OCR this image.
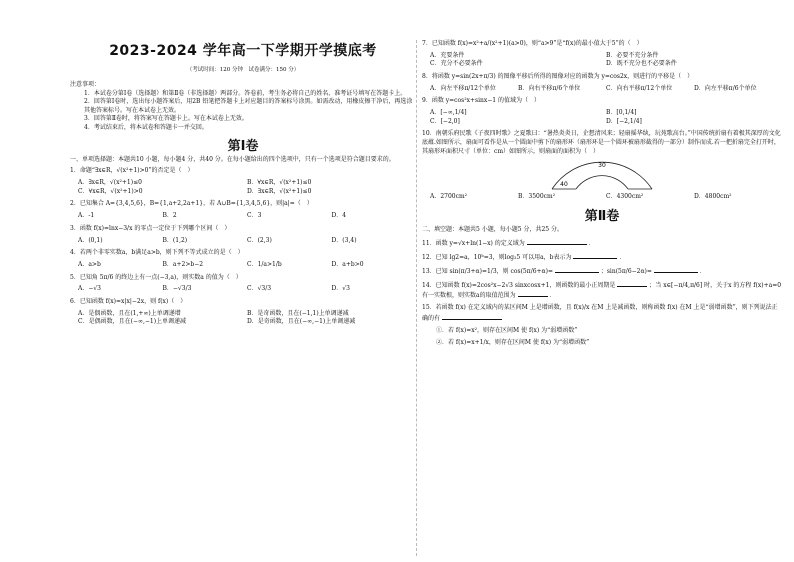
2023-2024 学年高一下学期开学摸底考
（考试时间：120 分钟　试卷满分：150 分）

注意事项：

1．本试卷分第Ⅰ卷（选择题）和第Ⅱ卷（非选择题）两部分。答卷前，考生务必将自己的姓名、准考证号填写在答题卡上。

2．回答第Ⅰ卷时，选出每小题答案后，用2B 铅笔把答题卡上对应题目的答案标号涂黑。如需改动，用橡皮擦干净后，再选涂其他答案标号。写在本试卷上无效。

3．回答第Ⅱ卷时，将答案写在答题卡上。写在本试卷上无效。

4．考试结束后，将本试卷和答题卡一并交回。

第Ⅰ卷

一、单项选择题：本题共10 小题，每小题4 分，共40 分。在每小题给出的四个选项中，只有一个选项是符合题目要求的。

1．命题“∃x∈R，√(x²+1)>0”的否定是（　）

A．∃x∈R，√(x²+1)≤0	B．∀x∈R，√(x²+1)≤0
C．∀x∈R，√(x²+1)>0	D．∃x∈R，√(x²+1)≤0

2．已知集合 A={3,4,5,6}，B={1,a+2,2a+1}，若 A∪B={1,3,4,5,6}，则|a|=（　）

A．-1	B．2	C．3	D．4

3．函数 f(x)=lnx−3/x 的零点一定位于下列哪个区间（　）

A．(0,1)	B．(1,2)	C．(2,3)	D．(3,4)

4．若两个非零实数a，b满足a>b，则下列不等式成立的是（　）

A．a>b	B．a+2>b−2	C．1/a>1/b	D．a+b>0

5．已知角 5π/6 的终边上有一点(−3,a)，则实数a 的值为（　）

A．−√3	B．−√3/3	C．√3/3	D．√3

6．已知函数 f(x)=x|x|−2x，则 f(x)（　）

A．是偶函数，且在(1,+∞)上单调递增	B．是奇函数，且在(−1,1)上单调递减
C．是偶函数，且在(−∞,−1)上单调递减	D．是奇函数，且在(−∞,−1)上单调递减

7．已知函数 f(x)=x²+a/(x²+1)(a>0)，则“a>9”是“f(x)的最小值大于5”的（　）

A．充要条件	B．必要不充分条件
C．充分不必要条件	D．既不充分也不必要条件

8．将函数 y=sin(2x+π/3) 的图像平移后所得的图像对应的函数为 y=cos2x，则进行的平移是（　）

A．向左平移π/12个单位	B．向右平移π/6个单位	C．向右平移π/12个单位	D．向左平移π/6个单位

9．函数 y=cos²x+sinx−1 的值域为（　）

A．[−∞,1/4]	B．[0,1/4]
C．[−2,0]	D．[−2,1/4]

10．南朝乐府民歌《子夜四时歌》之夏歌曰：“暑热炎炎日，企想清风来；轻扇摇华纨，玩苑歌高台。”中国传统折扇有着极其深厚的文化底蕴.如图所示，扇面可看作是从一个圆面中剪下的扇形环（扇形环是一个圆环被扇形截得的一部分）制作而成.若一把折扇完全打开时，其扇形环面积尺寸（单位：cm）如图所示，则扇面的面积为（　）

30
40
A．2700cm²	B．3500cm²	C．4300cm²	D．4800cm²
第Ⅱ卷

二、填空题：本题共5 小题，每小题5 分，共25 分。

11．函数 y=√x+ln(1−x) 的定义域为	．

12．已知 lg2=a，10ᵇ=3，则log₂5 可以用a，b表示为	．

13．已知 sin(π/3+α)=1/3，则 cos(5π/6+α)=	；sin(5π/6−2α)=	．

14．已知函数 f(x)=2cos²x−2√3 sinxcosx+1，则函数的最小正周期是	；当 x∈[−π/4,π/6] 时，关于x 的方程 f(x)+a=0 有一实数根，则实数a的取值范围为	．

15．若函数 f(x) 在定义域内的某区间M 上是增函数，且 f(x)/x 在M 上是减函数，则称函数 f(x) 在M 上是“弱增函数”，则下列说法正确的有

①．若 f(x)=x²，则存在区间M 使 f(x) 为“弱增函数”

②．若 f(x)=x+1/x，则存在区间M 使 f(x) 为“弱增函数”
